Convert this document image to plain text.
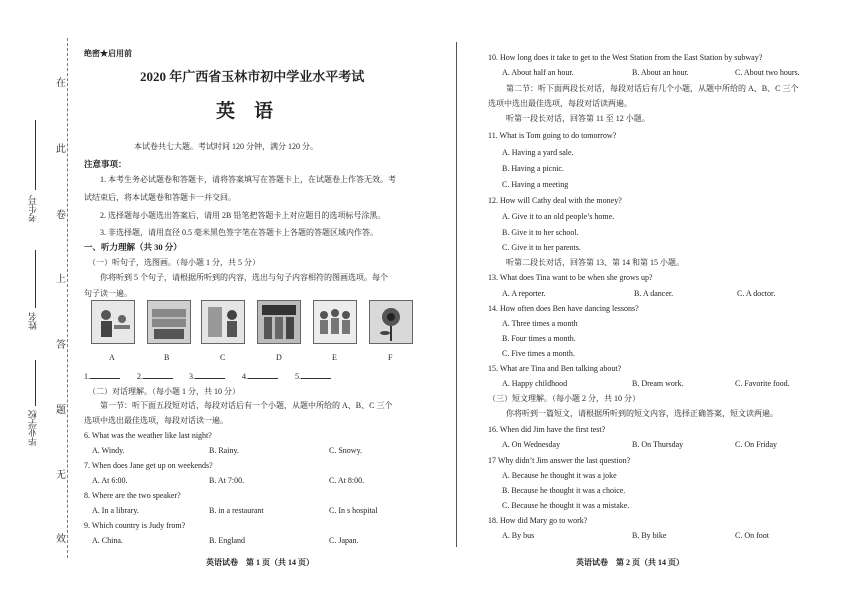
在
此
卷
上
答
题
无
效
考生号
姓名
毕业学校
绝密★启用前
2020 年广西省玉林市初中学业水平考试
英　语
本试卷共七大题。考试时间 120 分钟，满分 120 分。
注意事项：
1. 本考生务必试题卷和答题卡，请将答案填写在答题卡上，在试题卷上作答无效。考
试结束后，将本试题卷和答题卡一并交回。
2. 选择题每小题选出答案后，请用 2B 铅笔把答题卡上对应题目的选项标号涂黑。
3. 非选择题，请用直径 0.5 毫米黑色签字笔在答题卡上各题的答题区域内作答。
一、听力理解（共 30 分）
（一）听句子，选图画。（每小题 1 分，共 5 分）
你将听到 5 个句子，请根据所听到的内容，选出与句子内容相符的图画选项。每个
句子读一遍。
A	B	C	D	E	F
1.	2.	3.	4.	5.
（二）对话理解。（每小题 1 分，共 10 分）
第一节：听下面五段短对话，每段对话后有一个小题，从题中所给的 A、B、C 三个
选项中选出最佳选项，每段对话读一遍。
6. What was the weather like last night?
A. Windy.	B. Rainy.	C. Snowy.
7. When does Jane get up on weekends?
A. At 6:00.	B. At 7:00.	C. At 8:00.
8. Where are the two speaker?
A. In a library.	B. in a restaurant	C. In s hospital
9. Which country is Judy from?
A. China.	B. England	C. Japan.
英语试卷　第 1 页（共 14 页）
10. How long does it take to get to the West Station from the East Station by subway?
A. About half an hour.	B. About an hour.	C. About two hours.
第二节：听下面两段长对话，每段对话后有几个小题，从题中所给的 A、B、C 三个
选项中选出最佳选项，每段对话读两遍。
听第一段长对话，回答第 11 至 12 小题。
11. What is Tom going to do tomorrow?
A. Having a yard sale.
B. Having a picnic.
C. Having a meeting
12. How will Cathy deal with the money?
A. Give it to an old people’s home.
B. Give it to her school.
C. Give it to her parents.
听第二段长对话，回答第 13、第 14 和第 15 小题。
13. What does Tina want to be when she grows up?
A. A reporter.	B. A dancer.	C. A doctor.
14. How often does Ben have dancing lessons?
A. Three times a month
B. Four times a month.
C. Five times a month.
15. What are Tina and Ben talking about?
A. Happy childhood	B. Dream work.	C. Favorite food.
（三）短文理解。（每小题 2 分，共 10 分）
你将听到一篇短文，请根据所听到的短文内容，选择正确答案，短文读两遍。
16. When did Jim have the first test?
A. On Wednesday	B. On Thursday	C. On Friday
17 Why didn’t Jim answer the last question?
A. Because he thought it was a joke
B. Because he thought it was a choice.
C. Because he thought it was a mistake.
18. How did Mary go to work?
A. By bus	B. By bike	C. On foot
英语试卷　第 2 页（共 14 页）
